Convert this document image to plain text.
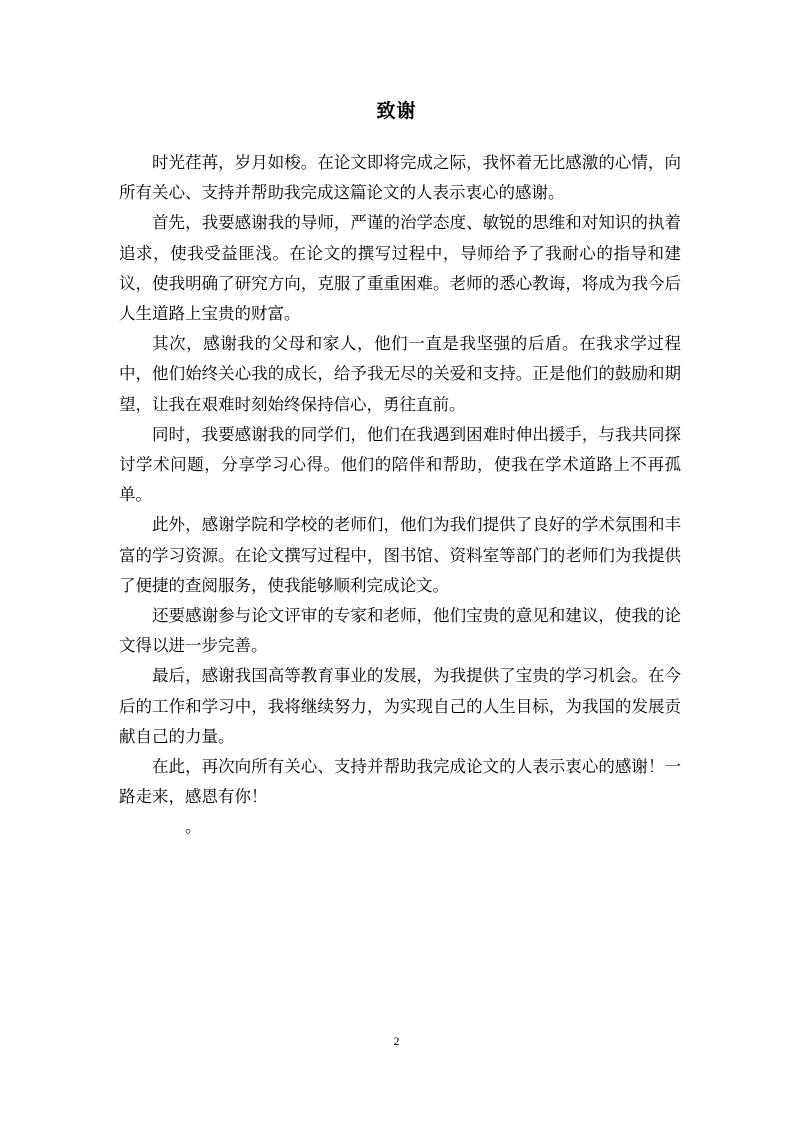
致谢

时光荏苒，岁月如梭。在论文即将完成之际，我怀着无比感激的心情，向所有关心、支持并帮助我完成这篇论文的人表示衷心的感谢。

首先，我要感谢我的导师，严谨的治学态度、敏锐的思维和对知识的执着追求，使我受益匪浅。在论文的撰写过程中，导师给予了我耐心的指导和建议，使我明确了研究方向，克服了重重困难。老师的悉心教诲，将成为我今后人生道路上宝贵的财富。

其次，感谢我的父母和家人，他们一直是我坚强的后盾。在我求学过程中，他们始终关心我的成长，给予我无尽的关爱和支持。正是他们的鼓励和期望，让我在艰难时刻始终保持信心，勇往直前。

同时，我要感谢我的同学们，他们在我遇到困难时伸出援手，与我共同探讨学术问题，分享学习心得。他们的陪伴和帮助，使我在学术道路上不再孤单。

此外，感谢学院和学校的老师们，他们为我们提供了良好的学术氛围和丰富的学习资源。在论文撰写过程中，图书馆、资料室等部门的老师们为我提供了便捷的查阅服务，使我能够顺利完成论文。

还要感谢参与论文评审的专家和老师，他们宝贵的意见和建议，使我的论文得以进一步完善。

最后，感谢我国高等教育事业的发展，为我提供了宝贵的学习机会。在今后的工作和学习中，我将继续努力，为实现自己的人生目标，为我国的发展贡献自己的力量。

在此，再次向所有关心、支持并帮助我完成论文的人表示衷心的感谢！一路走来，感恩有你！

。

2
